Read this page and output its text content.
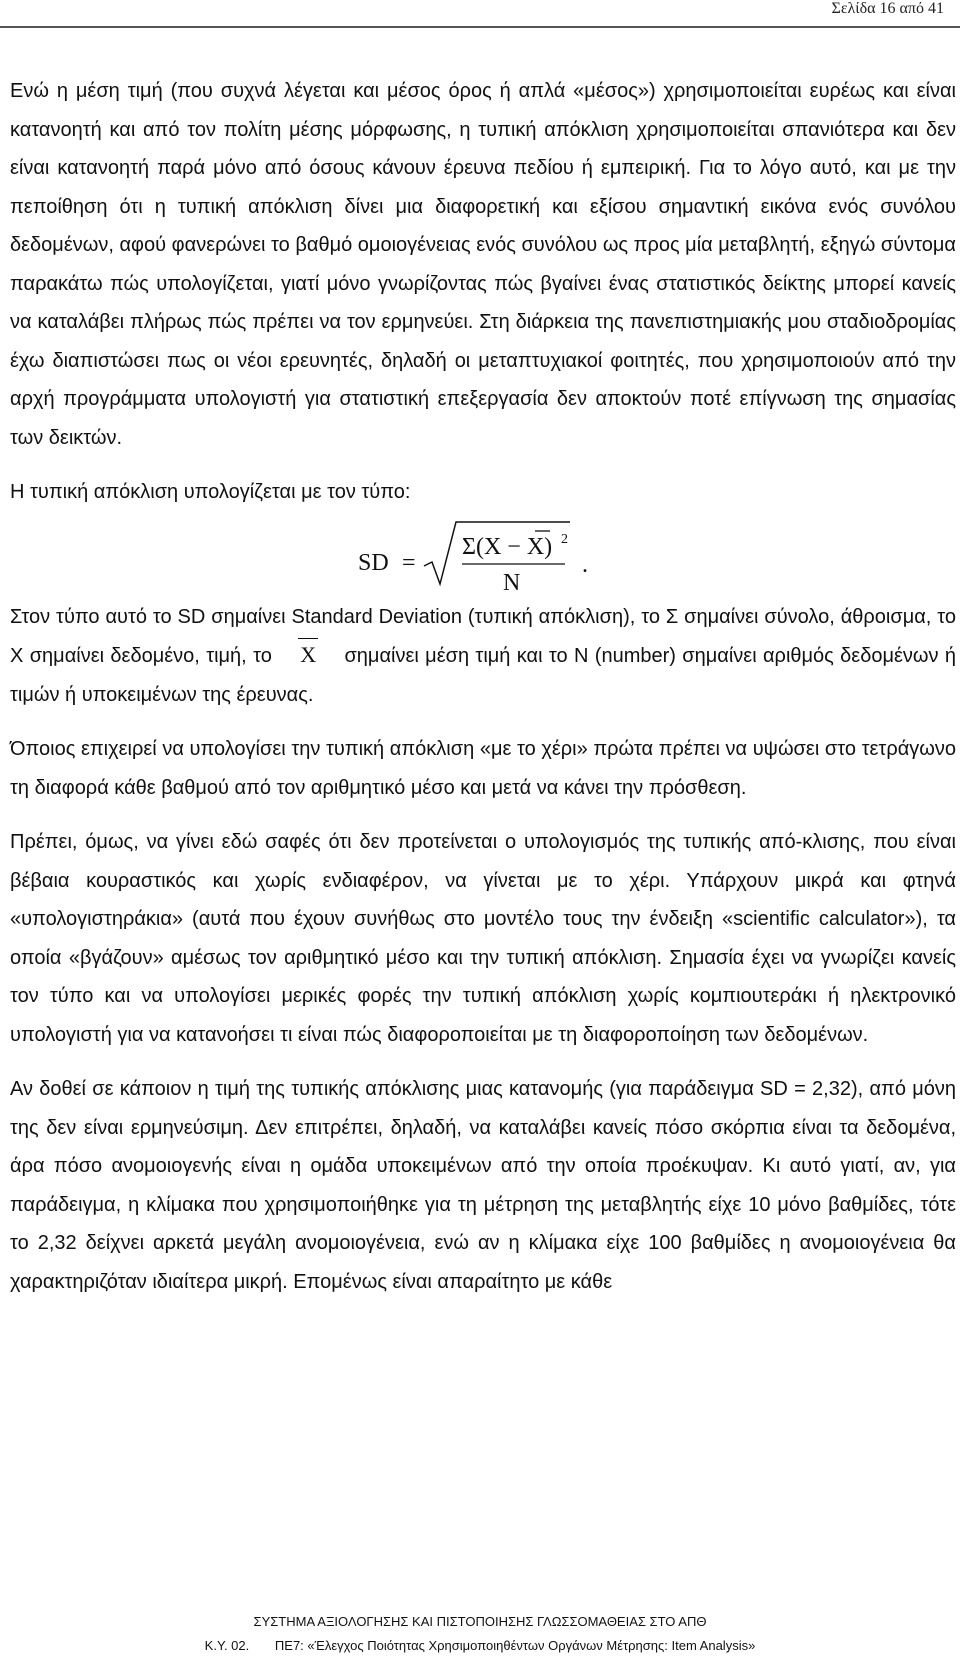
Σελίδα 16 από 41

Ενώ η μέση τιμή (που συχνά λέγεται και μέσος όρος ή απλά «μέσος») χρησιμοποιείται ευρέως και είναι κατανοητή και από τον πολίτη μέσης μόρφωσης, η τυπική απόκλιση χρησιμοποιείται σπανιότερα και δεν είναι κατανοητή παρά μόνο από όσους κάνουν έρευνα πεδίου ή εμπειρική. Για το λόγο αυτό, και με την πεποίθηση ότι η τυπική απόκλιση δίνει μια διαφορετική και εξίσου σημαντική εικόνα ενός συνόλου δεδομένων, αφού φανερώνει το βαθμό ομοιογένειας ενός συνόλου ως προς μία μεταβλητή, εξηγώ σύντομα παρακάτω πώς υπολογίζεται, γιατί μόνο γνωρίζοντας πώς βγαίνει ένας στατιστικός δείκτης μπορεί κανείς να καταλάβει πλήρως πώς πρέπει να τον ερμηνεύει. Στη διάρκεια της πανεπιστημιακής μου σταδιοδρομίας έχω διαπιστώσει πως οι νέοι ερευνητές, δηλαδή οι μεταπτυχιακοί φοιτητές, που χρησιμοποιούν από την αρχή προγράμματα υπολογιστή για στατιστική επεξεργασία δεν αποκτούν ποτέ επίγνωση της σημασίας των δεικτών.

Η τυπική απόκλιση υπολογίζεται με τον τύπο:

SD =
Σ(X − X) 2
N
.

Στον τύπο αυτό το SD σημαίνει Standard Deviation (τυπική απόκλιση), το Σ σημαίνει σύνολο, άθροισμα, το X σημαίνει δεδομένο, τιμή, το X σημαίνει μέση τιμή και το N (number) σημαίνει αριθμός δεδομένων ή τιμών ή υποκειμένων της έρευνας.

Όποιος επιχειρεί να υπολογίσει την τυπική απόκλιση «με το χέρι» πρώτα πρέπει να υψώσει στο τετράγωνο τη διαφορά κάθε βαθμού από τον αριθμητικό μέσο και μετά να κάνει την πρόσθεση.

Πρέπει, όμως, να γίνει εδώ σαφές ότι δεν προτείνεται ο υπολογισμός της τυπικής από-κλισης, που είναι βέβαια κουραστικός και χωρίς ενδιαφέρον, να γίνεται με το χέρι. Υπάρχουν μικρά και φτηνά «υπολογιστηράκια» (αυτά που έχουν συνήθως στο μοντέλο τους την ένδειξη «scientific calculator»), τα οποία «βγάζουν» αμέσως τον αριθμητικό μέσο και την τυπική απόκλιση. Σημασία έχει να γνωρίζει κανείς τον τύπο και να υπολογίσει μερικές φορές την τυπική απόκλιση χωρίς κομπιουτεράκι ή ηλεκτρονικό υπολογιστή για να κατανοήσει τι είναι πώς διαφοροποιείται με τη διαφοροποίηση των δεδομένων.

Αν δοθεί σε κάποιον η τιμή της τυπικής απόκλισης μιας κατανομής (για παράδειγμα SD = 2,32), από μόνη της δεν είναι ερμηνεύσιμη. Δεν επιτρέπει, δηλαδή, να καταλάβει κανείς πόσο σκόρπια είναι τα δεδομένα, άρα πόσο ανομοιογενής είναι η ομάδα υποκειμένων από την οποία προέκυψαν. Κι αυτό γιατί, αν, για παράδειγμα, η κλίμακα που χρησιμοποιήθηκε για τη μέτρηση της μεταβλητής είχε 10 μόνο βαθμίδες, τότε το 2,32 δείχνει αρκετά μεγάλη ανομοιογένεια, ενώ αν η κλίμακα είχε 100 βαθμίδες η ανομοιογένεια θα χαρακτηριζόταν ιδιαίτερα μικρή. Επομένως είναι απαραίτητο με κάθε

ΣΥΣΤΗΜΑ ΑΞΙΟΛΟΓΗΣΗΣ ΚΑΙ ΠΙΣΤΟΠΟΙΗΣΗΣ ΓΛΩΣΣΟΜΑΘΕΙΑΣ ΣΤΟ ΑΠΘ
Κ.Υ. 02. ΠΕ7: «Έλεγχος Ποιότητας Χρησιμοποιηθέντων Οργάνων Μέτρησης: Item Analysis»
